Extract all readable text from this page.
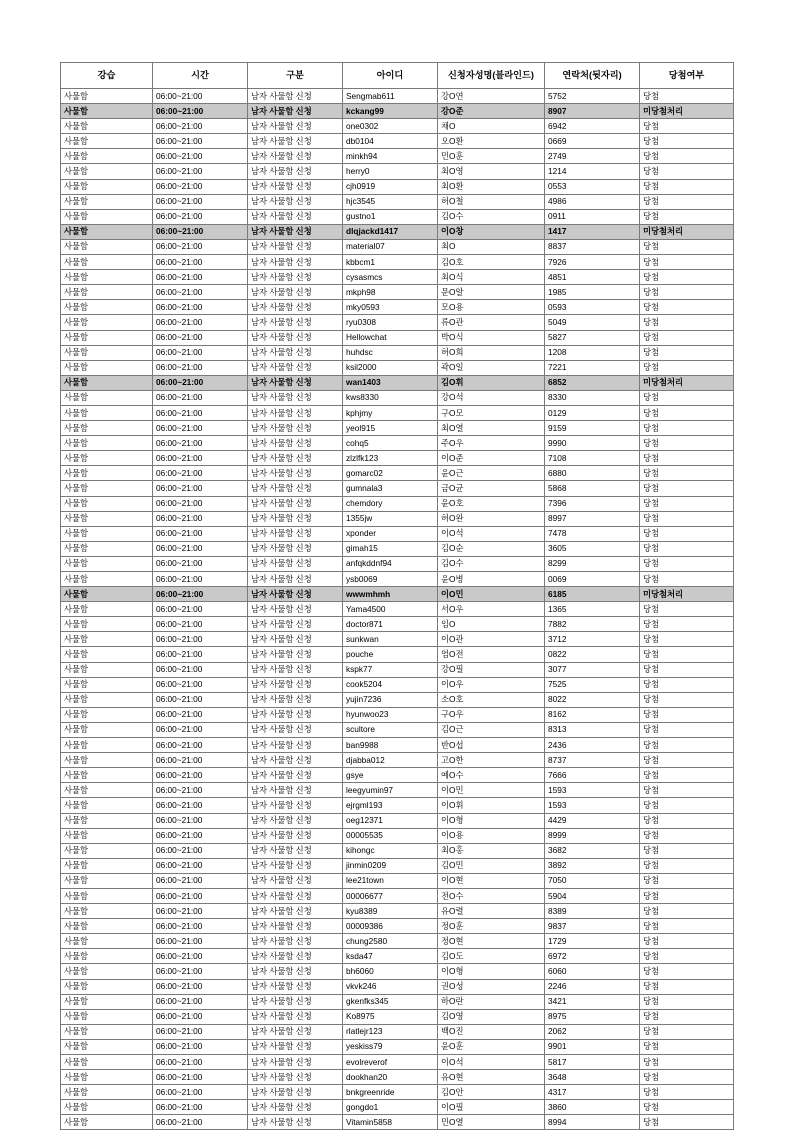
강습	시간	구분	아이디	신청자성명(블라인드)	연락처(뒷자리)	당첨여부
사물함	06:00~21:00	남자 사물함 신청	Sengmab611	강O연	5752	당첨
사물함	06:00~21:00	남자 사물함 신청	kckang99	강O준	8907	미당첨처리
사물함	06:00~21:00	남자 사물함 신청	one0302	채O	6942	당첨
사물함	06:00~21:00	남자 사물함 신청	db0104	오O환	0669	당첨
사물함	06:00~21:00	남자 사물함 신청	minkh94	민O훈	2749	당첨
사물함	06:00~21:00	남자 사물함 신청	herry0	최O영	1214	당첨
사물함	06:00~21:00	남자 사물함 신청	cjh0919	최O환	0553	당첨
사물함	06:00~21:00	남자 사물함 신청	hjc3545	허O철	4986	당첨
사물함	06:00~21:00	남자 사물함 신청	gustno1	김O수	0911	당첨
사물함	06:00~21:00	남자 사물함 신청	dlqjackd1417	이O창	1417	미당첨처리
사물함	06:00~21:00	남자 사물함 신청	material07	최O	8837	당첨
사물함	06:00~21:00	남자 사물함 신청	kbbcm1	김O호	7926	당첨
사물함	06:00~21:00	남자 사물함 신청	cysasmcs	최O식	4851	당첨
사물함	06:00~21:00	남자 사물함 신청	mkph98	문O알	1985	당첨
사물함	06:00~21:00	남자 사물함 신청	mky0593	모O용	0593	당첨
사물함	06:00~21:00	남자 사물함 신청	ryu0308	류O관	5049	당첨
사물함	06:00~21:00	남자 사물함 신청	Hellowchat	박O식	5827	당첨
사물함	06:00~21:00	남자 사물함 신청	huhdsc	허O희	1208	당첨
사물함	06:00~21:00	남자 사물함 신청	ksil2000	곽O일	7221	당첨
사물함	06:00~21:00	남자 사물함 신청	wan1403	김O휘	6852	미당첨처리
사물함	06:00~21:00	남자 사물함 신청	kws8330	강O석	8330	당첨
사물함	06:00~21:00	남자 사물함 신청	kphjmy	구O모	0129	당첨
사물함	06:00~21:00	남자 사물함 신청	yeol915	최O열	9159	당첨
사물함	06:00~21:00	남자 사물함 신청	cohq5	주O우	9990	당첨
사물함	06:00~21:00	남자 사물함 신청	zlzlfk123	이O준	7108	당첨
사물함	06:00~21:00	남자 사물함 신청	gomarc02	윤O근	6880	당첨
사물함	06:00~21:00	남자 사물함 신청	gumnala3	금O균	5868	당첨
사물함	06:00~21:00	남자 사물함 신청	chemdory	윤O호	7396	당첨
사물함	06:00~21:00	남자 사물함 신청	1355jw	허O완	8997	당첨
사물함	06:00~21:00	남자 사물함 신청	xponder	이O석	7478	당첨
사물함	06:00~21:00	남자 사물함 신청	gimah15	김O순	3605	당첨
사물함	06:00~21:00	남자 사물함 신청	anfqkddnf94	김O수	8299	당첨
사물함	06:00~21:00	남자 사물함 신청	ysb0069	윤O병	0069	당첨
사물함	06:00~21:00	남자 사물함 신청	wwwmhmh	이O민	6185	미당첨처리
사물함	06:00~21:00	남자 사물함 신청	Yama4500	서O우	1365	당첨
사물함	06:00~21:00	남자 사물함 신청	doctor871	임O	7882	당첨
사물함	06:00~21:00	남자 사물함 신청	sunkwan	이O관	3712	당첨
사물함	06:00~21:00	남자 사물함 신청	pouche	엄O전	0822	당첨
사물함	06:00~21:00	남자 사물함 신청	kspk77	강O필	3077	당첨
사물함	06:00~21:00	남자 사물함 신청	cook5204	이O우	7525	당첨
사물함	06:00~21:00	남자 사물함 신청	yujin7236	소O호	8022	당첨
사물함	06:00~21:00	남자 사물함 신청	hyunwoo23	구O우	8162	당첨
사물함	06:00~21:00	남자 사물함 신청	scultore	김O근	8313	당첨
사물함	06:00~21:00	남자 사물함 신청	ban9988	반O섭	2436	당첨
사물함	06:00~21:00	남자 사물함 신청	djabba012	고O한	8737	당첨
사물함	06:00~21:00	남자 사물함 신청	gsye	예O수	7666	당첨
사물함	06:00~21:00	남자 사물함 신청	leegyumin97	이O민	1593	당첨
사물함	06:00~21:00	남자 사물함 신청	ejrgml193	이O휘	1593	당첨
사물함	06:00~21:00	남자 사물함 신청	oeg12371	이O형	4429	당첨
사물함	06:00~21:00	남자 사물함 신청	00005535	이O용	8999	당첨
사물함	06:00~21:00	남자 사물함 신청	kihongc	최O홍	3682	당첨
사물함	06:00~21:00	남자 사물함 신청	jinmin0209	김O민	3892	당첨
사물함	06:00~21:00	남자 사물함 신청	lee21town	이O현	7050	당첨
사물함	06:00~21:00	남자 사물함 신청	00006677	전O수	5904	당첨
사물함	06:00~21:00	남자 사물함 신청	kyu8389	유O렬	8389	당첨
사물함	06:00~21:00	남자 사물함 신청	00009386	정O훈	9837	당첨
사물함	06:00~21:00	남자 사물함 신청	chung2580	정O현	1729	당첨
사물함	06:00~21:00	남자 사물함 신청	ksda47	김O도	6972	당첨
사물함	06:00~21:00	남자 사물함 신청	bh6060	이O형	6060	당첨
사물함	06:00~21:00	남자 사물함 신청	vkvk246	권O성	2246	당첨
사물함	06:00~21:00	남자 사물함 신청	gkenfks345	하O란	3421	당첨
사물함	06:00~21:00	남자 사물함 신청	Ko8975	김O영	8975	당첨
사물함	06:00~21:00	남자 사물함 신청	rlatlejr123	백O진	2062	당첨
사물함	06:00~21:00	남자 사물함 신청	yeskiss79	윤O훈	9901	당첨
사물함	06:00~21:00	남자 사물함 신청	evolreverof	이O석	5817	당첨
사물함	06:00~21:00	남자 사물함 신청	dookhan20	유O현	3648	당첨
사물함	06:00~21:00	남자 사물함 신청	bnkgreenride	김O안	4317	당첨
사물함	06:00~21:00	남자 사물함 신청	gongdo1	이O필	3860	당첨
사물함	06:00~21:00	남자 사물함 신청	Vitamin5858	민O열	8994	당첨
